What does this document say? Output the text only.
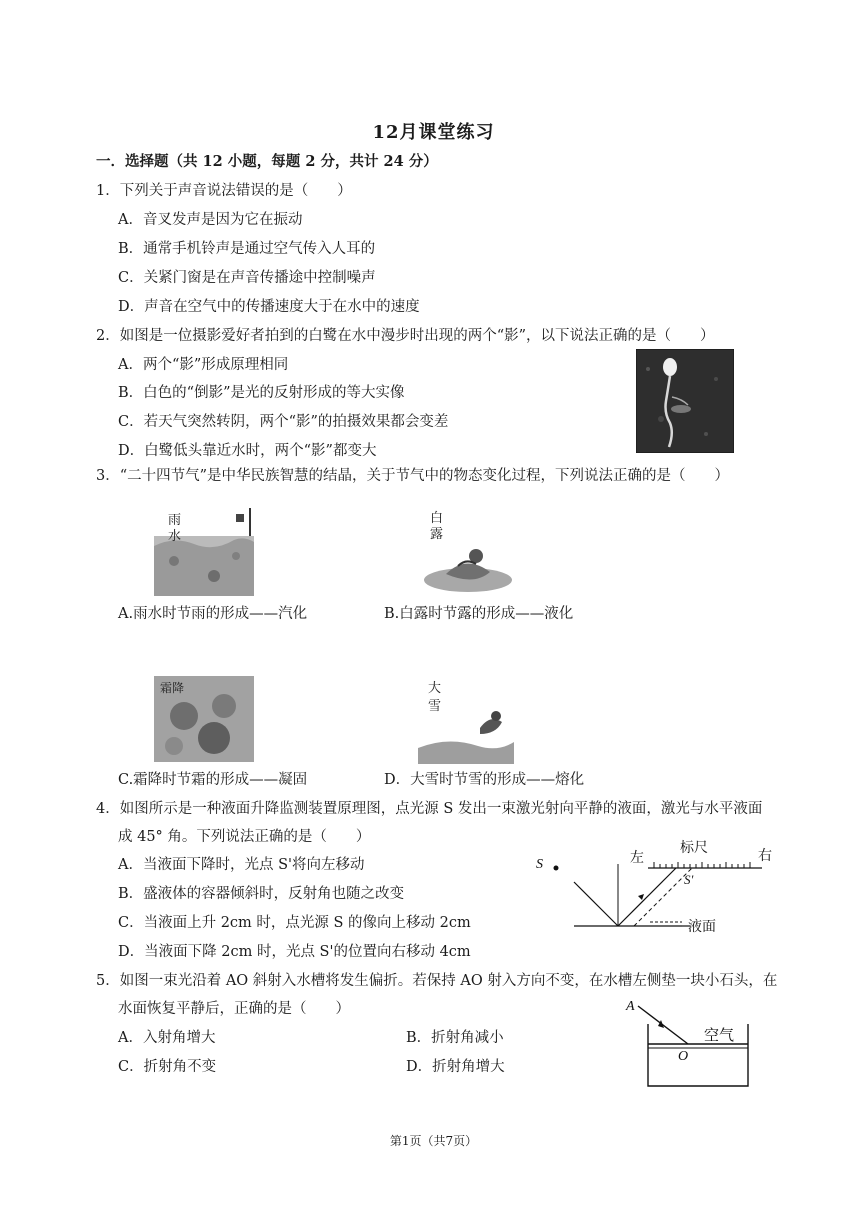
12月课堂练习
一．选择题（共 12 小题，每题 2 分，共计 24 分）
1．下列关于声音说法错误的是（　　）
A．音叉发声是因为它在振动
B．通常手机铃声是通过空气传入人耳的
C．关紧门窗是在声音传播途中控制噪声
D．声音在空气中的传播速度大于在水中的速度
2．如图是一位摄影爱好者拍到的白鹭在水中漫步时出现的两个“影”，以下说法正确的是（　　）
A．两个“影”形成原理相同
B．白色的“倒影”是光的反射形成的等大实像
C．若天气突然转阴，两个“影”的拍摄效果都会变差
D．白鹭低头靠近水时，两个“影”都变大
3．“二十四节气”是中华民族智慧的结晶，关于节气中的物态变化过程，下列说法正确的是（　　）
雨
水
白
露
A.雨水时节雨的形成——汽化	B.白露时节露的形成——液化
霜降	大
雪
C.霜降时节霜的形成——凝固	D．大雪时节雪的形成——熔化
4．如图所示是一种液面升降监测装置原理图，点光源 S 发出一束激光射向平静的液面，激光与水平液面
成 45° 角。下列说法正确的是（　　）
A．当液面下降时，光点 S'将向左移动
B．盛液体的容器倾斜时，反射角也随之改变
C．当液面上升 2cm 时，点光源 S 的像向上移动 2cm
D．当液面下降 2cm 时，光点 S'的位置向右移动 4cm
S	左
标尺
右
S'
液面
5．如图一束光沿着 AO 斜射入水槽将发生偏折。若保持 AO 射入方向不变，在水槽左侧垫一块小石头，在
水面恢复平静后，正确的是（　　）
A．入射角增大	B．折射角减小
C．折射角不变	D．折射角增大
A
空气
O
第1页（共7页）
